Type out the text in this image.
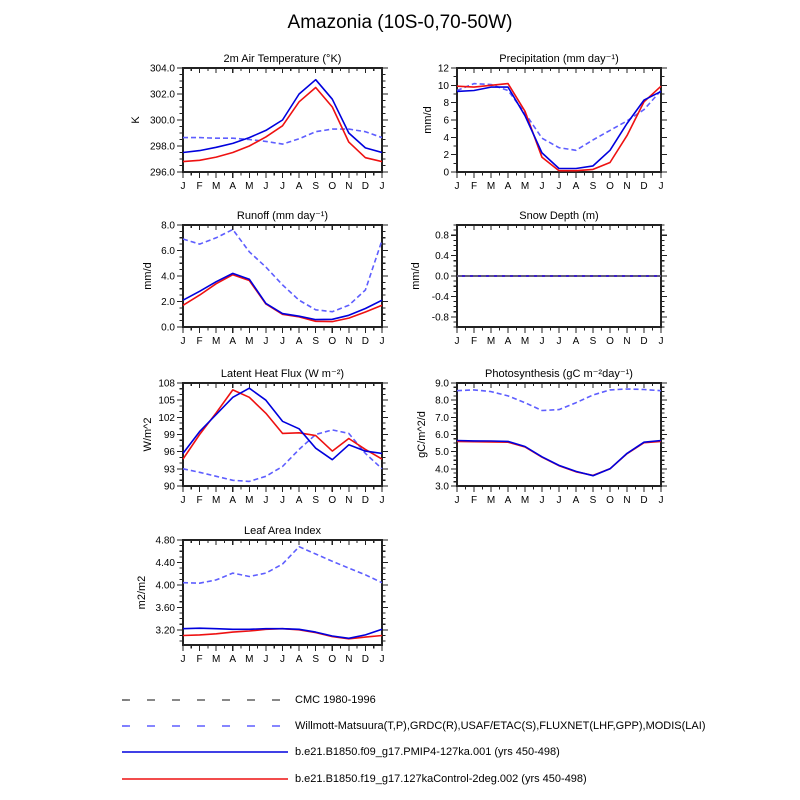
Amazonia (10S-0,70-50W)
J F M A M J J A S O N D J
296.0
298.0
300.0
302.0
304.0
2m Air Temperature (°K)
K
J F M A M J J A S O N D J
0
2
4
6
8
10
12
Precipitation (mm day⁻¹)
mm/d
J F M A M J J A S O N D J
0.0
2.0
4.0
6.0
8.0
Runoff (mm day⁻¹)
mm/d
J F M A M J J A S O N D J
-0.8
-0.4
0.0
0.4
0.8
Snow Depth (m)
mm/d
J F M A M J J A S O N D J
90
93
96
99
102
105
108
Latent Heat Flux (W m⁻²)
W/m^2
J F M A M J J A S O N D J
3.0
4.0
5.0
6.0
7.0
8.0
9.0
Photosynthesis (gC m⁻²day⁻¹)
gC/m^2/d
J F M A M J J A S O N D J
3.20
3.60
4.00
4.40
4.80
Leaf Area Index
m2/m2
CMC 1980-1996
Willmott-Matsuura(T,P),GRDC(R),USAF/ETAC(S),FLUXNET(LHF,GPP),MODIS(LAI)
b.e21.B1850.f09_g17.PMIP4-127ka.001 (yrs 450-498)
b.e21.B1850.f19_g17.127kaControl-2deg.002 (yrs 450-498)
